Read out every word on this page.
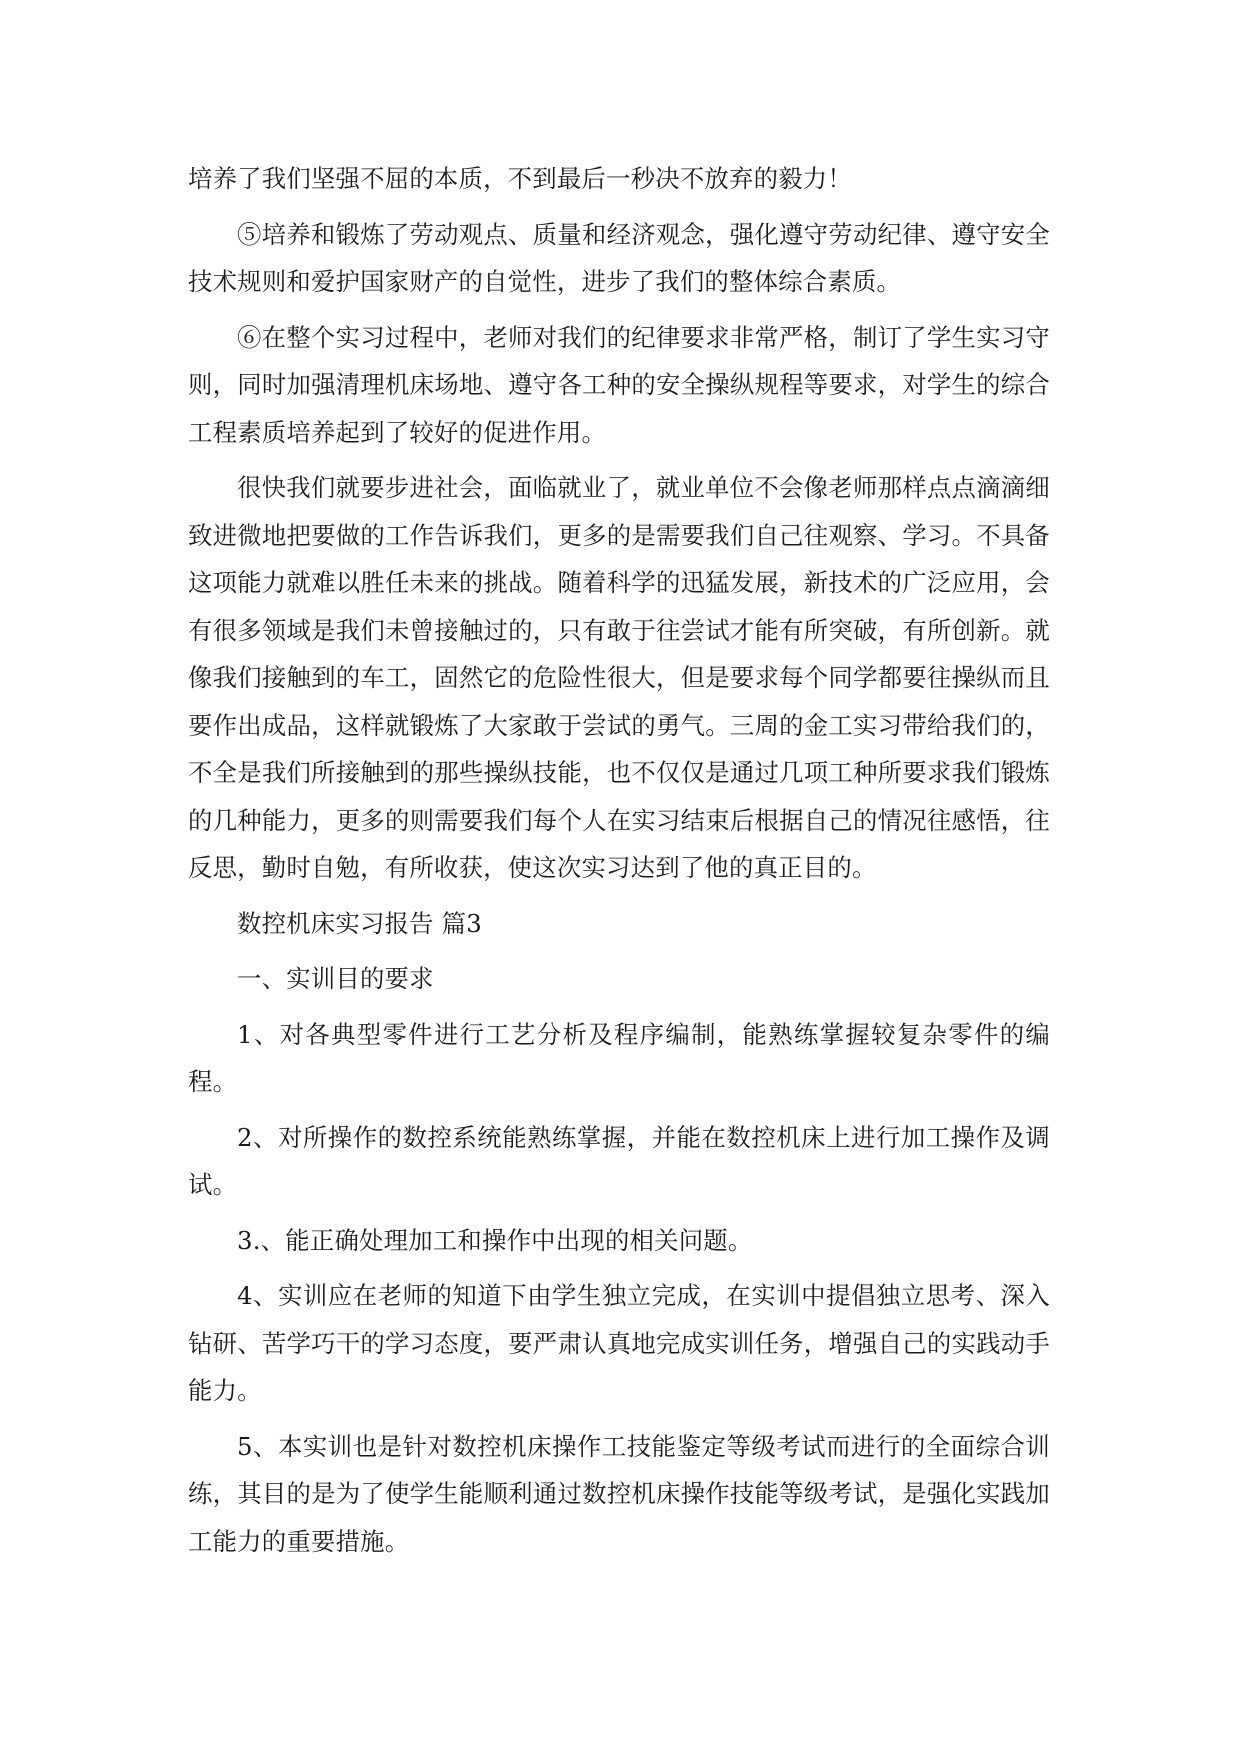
培养了我们坚强不屈的本质，不到最后一秒决不放弃的毅力！

⑤培养和锻炼了劳动观点、质量和经济观念，强化遵守劳动纪律、遵守安全技术规则和爱护国家财产的自觉性，进步了我们的整体综合素质。

⑥在整个实习过程中，老师对我们的纪律要求非常严格，制订了学生实习守则，同时加强清理机床场地、遵守各工种的安全操纵规程等要求，对学生的综合工程素质培养起到了较好的促进作用。

很快我们就要步进社会，面临就业了，就业单位不会像老师那样点点滴滴细致进微地把要做的工作告诉我们，更多的是需要我们自己往观察、学习。不具备这项能力就难以胜任未来的挑战。随着科学的迅猛发展，新技术的广泛应用，会有很多领域是我们未曾接触过的，只有敢于往尝试才能有所突破，有所创新。就像我们接触到的车工，固然它的危险性很大，但是要求每个同学都要往操纵而且要作出成品，这样就锻炼了大家敢于尝试的勇气。三周的金工实习带给我们的，不全是我们所接触到的那些操纵技能，也不仅仅是通过几项工种所要求我们锻炼的几种能力，更多的则需要我们每个人在实习结束后根据自己的情况往感悟，往反思，勤时自勉，有所收获，使这次实习达到了他的真正目的。

数控机床实习报告 篇3

一、实训目的要求

1、对各典型零件进行工艺分析及程序编制，能熟练掌握较复杂零件的编程。

2、对所操作的数控系统能熟练掌握，并能在数控机床上进行加工操作及调试。

3.、能正确处理加工和操作中出现的相关问题。

4、实训应在老师的知道下由学生独立完成，在实训中提倡独立思考、深入钻研、苦学巧干的学习态度，要严肃认真地完成实训任务，增强自己的实践动手能力。

5、本实训也是针对数控机床操作工技能鉴定等级考试而进行的全面综合训练，其目的是为了使学生能顺利通过数控机床操作技能等级考试，是强化实践加工能力的重要措施。
